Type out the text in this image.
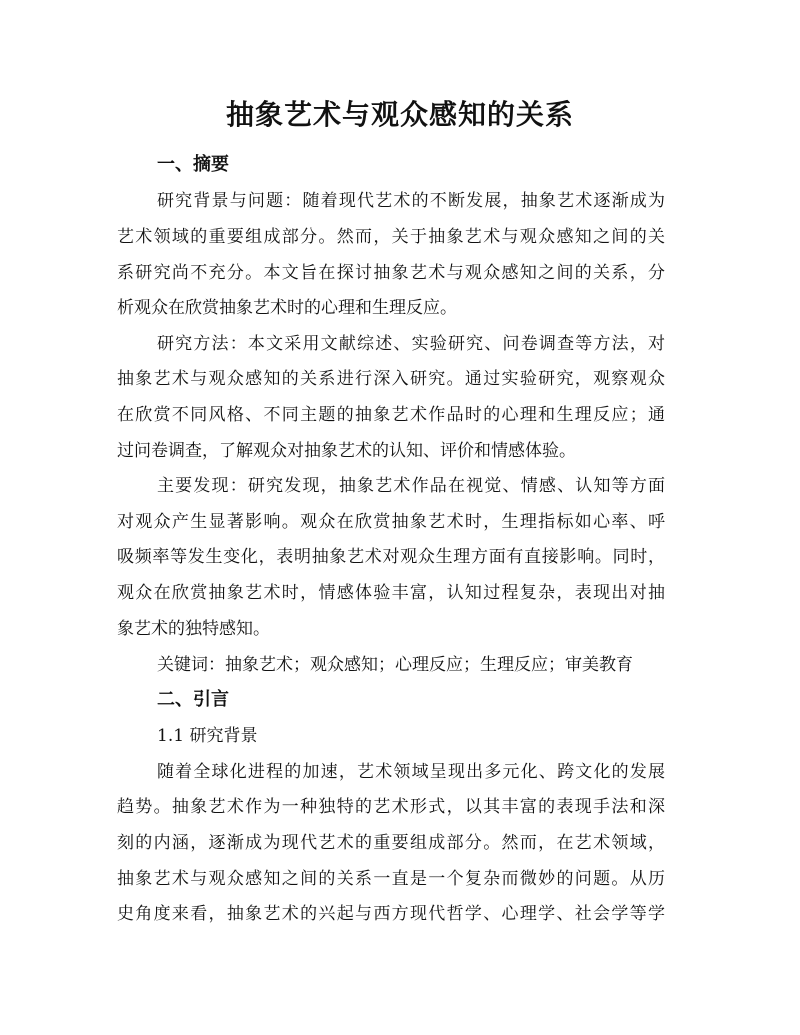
抽象艺术与观众感知的关系
一、摘要
研究背景与问题：随着现代艺术的不断发展，抽象艺术逐渐成为
艺术领域的重要组成部分。然而，关于抽象艺术与观众感知之间的关
系研究尚不充分。本文旨在探讨抽象艺术与观众感知之间的关系，分
析观众在欣赏抽象艺术时的心理和生理反应。
研究方法：本文采用文献综述、实验研究、问卷调查等方法，对
抽象艺术与观众感知的关系进行深入研究。通过实验研究，观察观众
在欣赏不同风格、不同主题的抽象艺术作品时的心理和生理反应；通
过问卷调查，了解观众对抽象艺术的认知、评价和情感体验。
主要发现：研究发现，抽象艺术作品在视觉、情感、认知等方面
对观众产生显著影响。观众在欣赏抽象艺术时，生理指标如心率、呼
吸频率等发生变化，表明抽象艺术对观众生理方面有直接影响。同时，
观众在欣赏抽象艺术时，情感体验丰富，认知过程复杂，表现出对抽
象艺术的独特感知。
关键词：抽象艺术；观众感知；心理反应；生理反应；审美教育
二、引言
1.1 研究背景
随着全球化进程的加速，艺术领域呈现出多元化、跨文化的发展
趋势。抽象艺术作为一种独特的艺术形式，以其丰富的表现手法和深
刻的内涵，逐渐成为现代艺术的重要组成部分。然而，在艺术领域，
抽象艺术与观众感知之间的关系一直是一个复杂而微妙的问题。从历
史角度来看，抽象艺术的兴起与西方现代哲学、心理学、社会学等学
